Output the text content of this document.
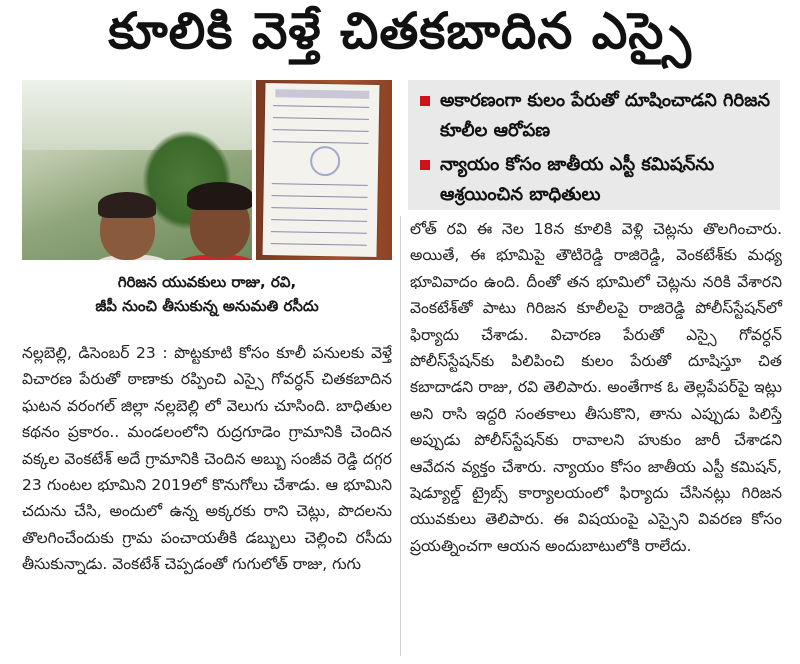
కూలికి వెళ్తే చితకబాదిన ఎస్సై
గిరిజన యువకులు రాజు, రవి,
జీపీ నుంచి తీసుకున్న అనుమతి రసీదు
అకారణంగా కులం పేరుతో దూషించాడని గిరిజన కూలీల ఆరోపణ
న్యాయం కోసం జాతీయ ఎస్టీ కమిషన్‌ను ఆశ్రయించిన బాధితులు

నల్లబెల్లి, డిసెంబర్ 23 : పొట్టకూటి కోసం కూలీ పనులకు వెళ్తే విచారణ పేరుతో ఠాణాకు రప్పించి ఎస్సై గోవర్ధన్ చితకబాదిన ఘటన వరంగల్ జిల్లా నల్లబెల్లి లో వెలుగు చూసింది. బాధితుల కథనం ప్రకారం.. మండలంలోని రుద్రగూడెం గ్రామానికి చెందిన వక్కల వెంకటేశ్ అదే గ్రామానికి చెందిన అబ్బు సంజీవ రెడ్డి దగ్గర 23 గుంటల భూమిని 2019లో కొనుగోలు చేశాడు. ఆ భూమిని చదును చేసి, అందులో ఉన్న అక్కరకు రాని చెట్లు, పొదలను తొలగించేందుకు గ్రామ పంచాయతీకి డబ్బులు చెల్లించి రసీదు తీసుకున్నాడు. వెంకటేశ్ చెప్పడంతో గుగులోత్ రాజు, గుగు

లోత్ రవి ఈ నెల 18న కూలికి వెళ్లి చెట్లను తొలగించారు. అయితే, ఈ భూమిపై తౌటిరెడ్డి రాజిరెడ్డి, వెంకటేశ్‌కు మధ్య భూవివాదం ఉంది. దీంతో తన భూమిలో చెట్లను నరికి వేశారని వెంకటేశ్‌తో పాటు గిరిజన కూలీలపై రాజిరెడ్డి పోలీస్‌స్టేషన్‌లో ఫిర్యాదు చేశాడు. విచారణ పేరుతో ఎస్సై గోవర్ధన్ పోలీస్‌స్టేషన్‌కు పిలిపించి కులం పేరుతో దూషిస్తూ చిత కబాదాడని రాజు, రవి తెలిపారు. అంతేగాక ఓ తెల్లపేపర్‌పై ఇట్లు అని రాసి ఇద్దరి సంతకాలు తీసుకొని, తాను ఎప్పుడు పిలిస్తే అప్పుడు పోలీస్‌స్టేషన్‌కు రావాలని హుకుం జారీ చేశాడని ఆవేదన వ్యక్తం చేశారు. న్యాయం కోసం జాతీయ ఎస్టీ కమిషన్, షెడ్యూల్డ్ ట్రైబ్స్ కార్యాలయంలో ఫిర్యాదు చేసినట్లు గిరిజన యువకులు తెలిపారు. ఈ విషయంపై ఎస్సైని వివరణ కోసం ప్రయత్నించగా ఆయన అందుబాటులోకి రాలేదు.
